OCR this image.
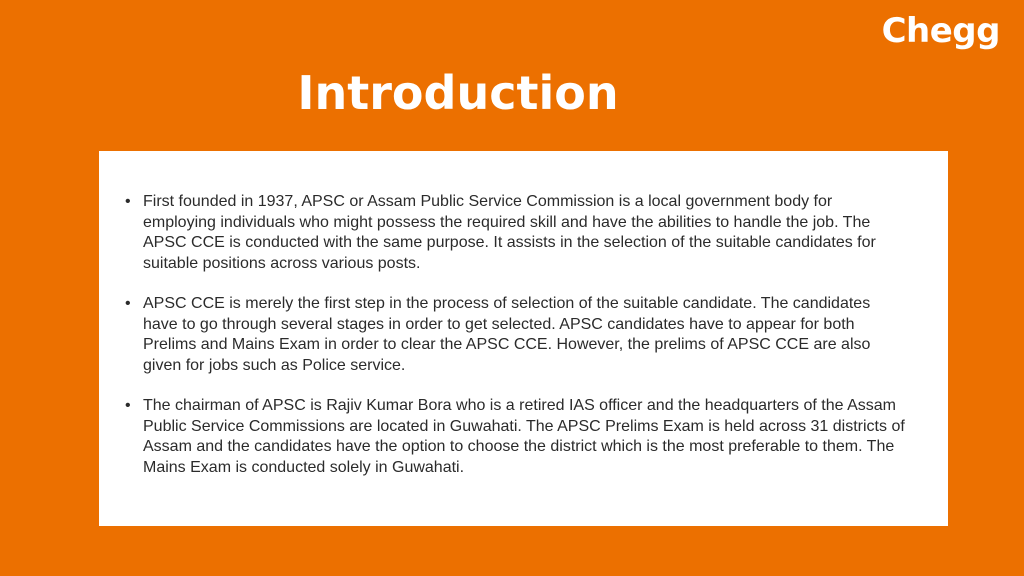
Chegg
Introduction
• First founded in 1937, APSC or Assam Public Service Commission is a local government body for employing individuals who might possess the required skill and have the abilities to handle the job. The APSC CCE is conducted with the same purpose. It assists in the selection of the suitable candidates for suitable positions across various posts.
• APSC CCE is merely the first step in the process of selection of the suitable candidate. The candidates have to go through several stages in order to get selected. APSC candidates have to appear for both Prelims and Mains Exam in order to clear the APSC CCE. However, the prelims of APSC CCE are also given for jobs such as Police service.
• The chairman of APSC is Rajiv Kumar Bora who is a retired IAS officer and the headquarters of the Assam Public Service Commissions are located in Guwahati. The APSC Prelims Exam is held across 31 districts of Assam and the candidates have the option to choose the district which is the most preferable to them. The Mains Exam is conducted solely in Guwahati.
